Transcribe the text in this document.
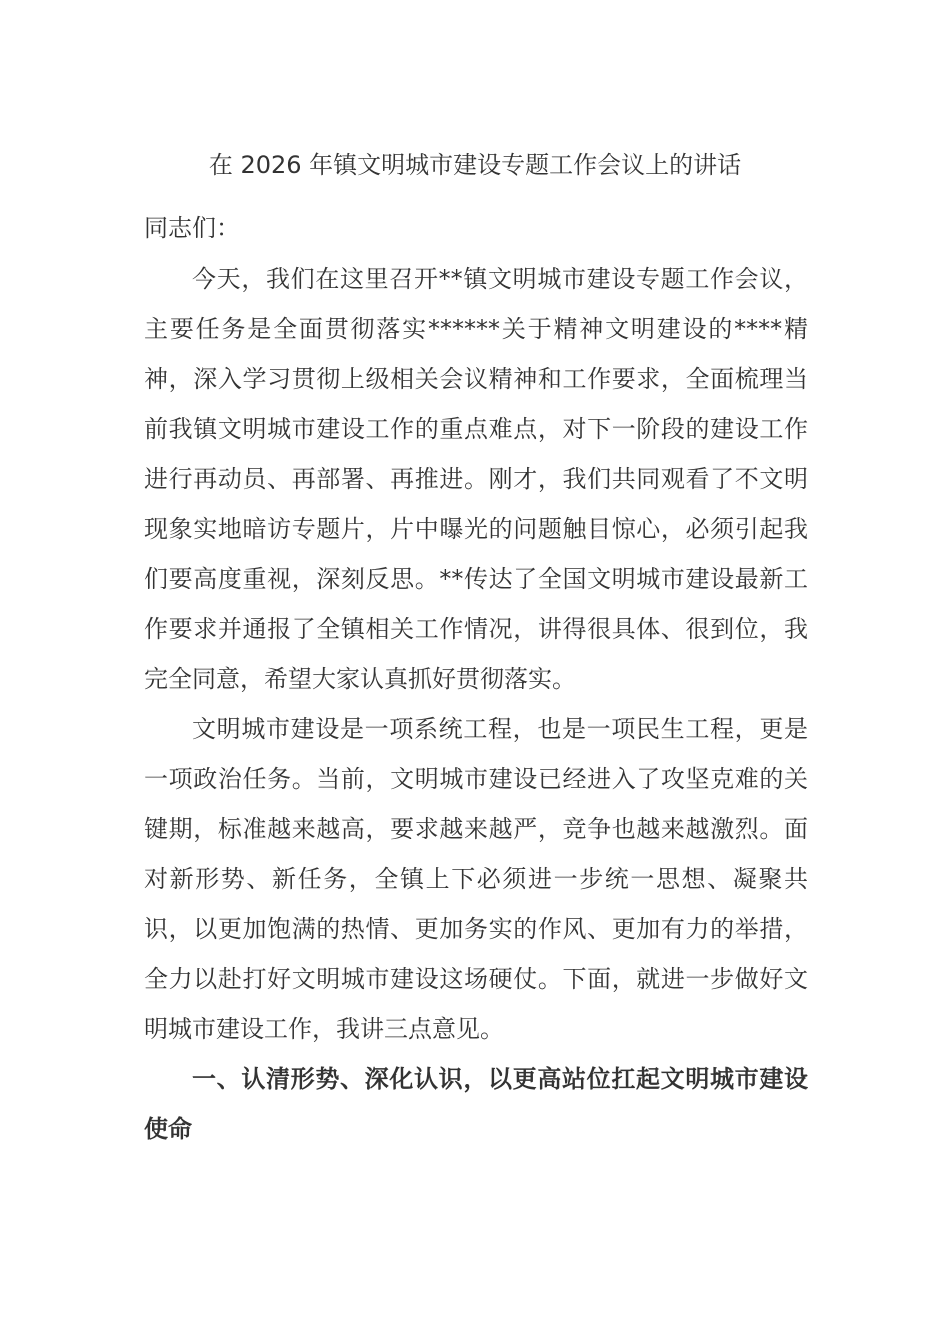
在 2026 年镇文明城市建设专题工作会议上的讲话

同志们：

今天，我们在这里召开**镇文明城市建设专题工作会议，主要任务是全面贯彻落实******关于精神文明建设的****精神，深入学习贯彻上级相关会议精神和工作要求，全面梳理当前我镇文明城市建设工作的重点难点，对下一阶段的建设工作进行再动员、再部署、再推进。刚才，我们共同观看了不文明现象实地暗访专题片，片中曝光的问题触目惊心，必须引起我们要高度重视，深刻反思。**传达了全国文明城市建设最新工作要求并通报了全镇相关工作情况，讲得很具体、很到位，我完全同意，希望大家认真抓好贯彻落实。

文明城市建设是一项系统工程，也是一项民生工程，更是一项政治任务。当前，文明城市建设已经进入了攻坚克难的关键期，标准越来越高，要求越来越严，竞争也越来越激烈。面对新形势、新任务，全镇上下必须进一步统一思想、凝聚共识，以更加饱满的热情、更加务实的作风、更加有力的举措，全力以赴打好文明城市建设这场硬仗。下面，就进一步做好文明城市建设工作，我讲三点意见。

一、认清形势、深化认识，以更高站位扛起文明城市建设使命
